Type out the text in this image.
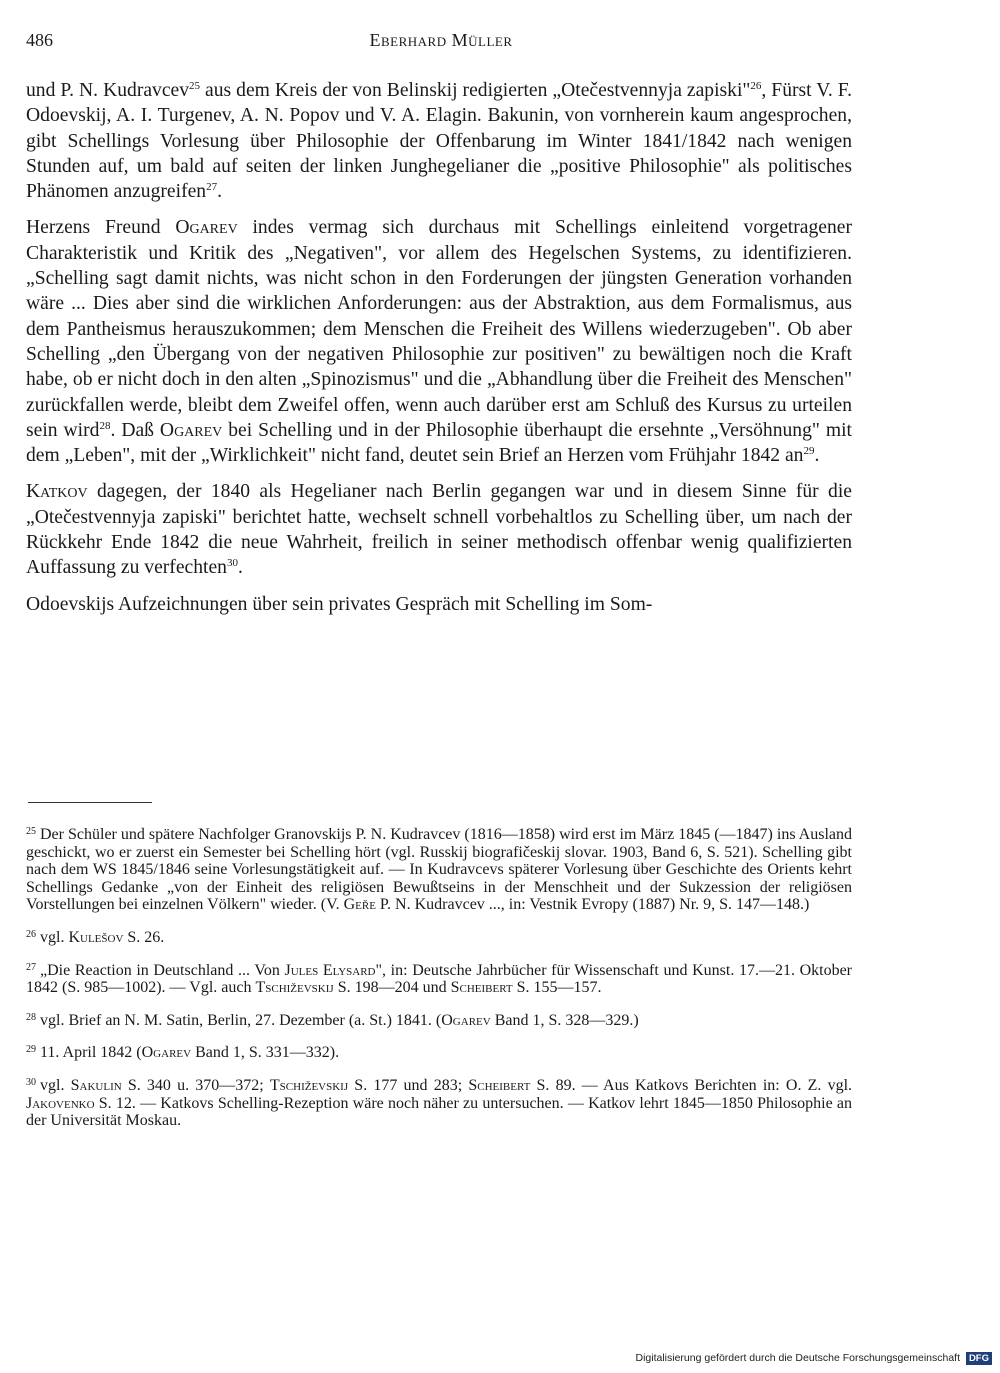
486	Eberhard Müller

und P. N. Kudravcev$^{25}$ aus dem Kreis der von Belinskij redigierten „Otečestvennyja zapiski"$^{26}$, Fürst V. F. Odoevskij, A. I. Turgenev, A. N. Popov und V. A. Elagin. Bakunin, von vornherein kaum angesprochen, gibt Schellings Vorlesung über Philosophie der Offenbarung im Winter 1841/1842 nach wenigen Stunden auf, um bald auf seiten der linken Junghegelianer die „positive Philosophie" als politisches Phänomen anzugreifen$^{27}$.

Herzens Freund Ogarev indes vermag sich durchaus mit Schellings einleitend vorgetragener Charakteristik und Kritik des „Negativen", vor allem des Hegelschen Systems, zu identifizieren. „Schelling sagt damit nichts, was nicht schon in den Forderungen der jüngsten Generation vorhanden wäre ... Dies aber sind die wirklichen Anforderungen: aus der Abstraktion, aus dem Formalismus, aus dem Pantheismus herauszukommen; dem Menschen die Freiheit des Willens wiederzugeben". Ob aber Schelling „den Übergang von der negativen Philosophie zur positiven" zu bewältigen noch die Kraft habe, ob er nicht doch in den alten „Spinozismus" und die „Abhandlung über die Freiheit des Menschen" zurückfallen werde, bleibt dem Zweifel offen, wenn auch darüber erst am Schluß des Kursus zu urteilen sein wird$^{28}$. Daß Ogarev bei Schelling und in der Philosophie überhaupt die ersehnte „Versöhnung" mit dem „Leben", mit der „Wirklichkeit" nicht fand, deutet sein Brief an Herzen vom Frühjahr 1842 $an^{29}$.

Katkov dagegen, der 1840 als Hegelianer nach Berlin gegangen war und in diesem Sinne für die „Otečestvennyja zapiski" berichtet hatte, wechselt schnell vorbehaltlos zu Schelling über, um nach der Rückkehr Ende 1842 die neue Wahrheit, freilich in seiner methodisch offenbar wenig qualifizierten Auffassung zu verfechten$^{30}$.

Odoevskijs Aufzeichnungen über sein privates Gespräch mit Schelling im Som-

$^{25}$ Der Schüler und spätere Nachfolger Granovskijs P. N. Kudravcev (1816—1858) wird erst im März 1845 (—1847) ins Ausland geschickt, wo er zuerst ein Semester bei Schelling hört (vgl. Russkij biografičeskij slovar. 1903, Band 6, S. 521). Schelling gibt nach dem WS 1845/1846 seine Vorlesungstätigkeit auf. — In Kudravcevs späterer Vorlesung über Geschichte des Orients kehrt Schellings Gedanke „von der Einheit des religiösen Bewußtseins in der Menschheit und der Sukzession der religiösen Vorstellungen bei einzelnen Völkern" wieder. (V. Geře P. N. Kudravcev ..., in: Vestnik Evropy (1887) Nr. 9, S. 147—148.)
$^{26}$ vgl. Kulešov S. 26.
$^{27}$ „Die Reaction in Deutschland ... Von Jules Elysard", in: Deutsche Jahrbücher für Wissenschaft und Kunst. 17.—21. Oktober 1842 (S. 985—1002). — Vgl. auch Tschiževskij S. 198—204 und Scheibert S. 155—157.
$^{28}$ vgl. Brief an N. M. Satin, Berlin, 27. Dezember (a. St.) 1841. (Ogarev Band 1, S. 328—329.)
$^{29}$ 11. April 1842 (Ogarev Band 1, S. 331—332).
$^{30}$ vgl. Sakulin S. 340 u. 370—372; Tschiževskij S. 177 und 283; Scheibert S. 89. — Aus Katkovs Berichten in: O. Z. vgl. Jakovenko S. 12. — Katkovs Schelling-Rezeption wäre noch näher zu untersuchen. — Katkov lehrt 1845—1850 Philosophie an der Universität Moskau.
Digitalisierung gefördert durch die Deutsche Forschungsgemeinschaft DFG
